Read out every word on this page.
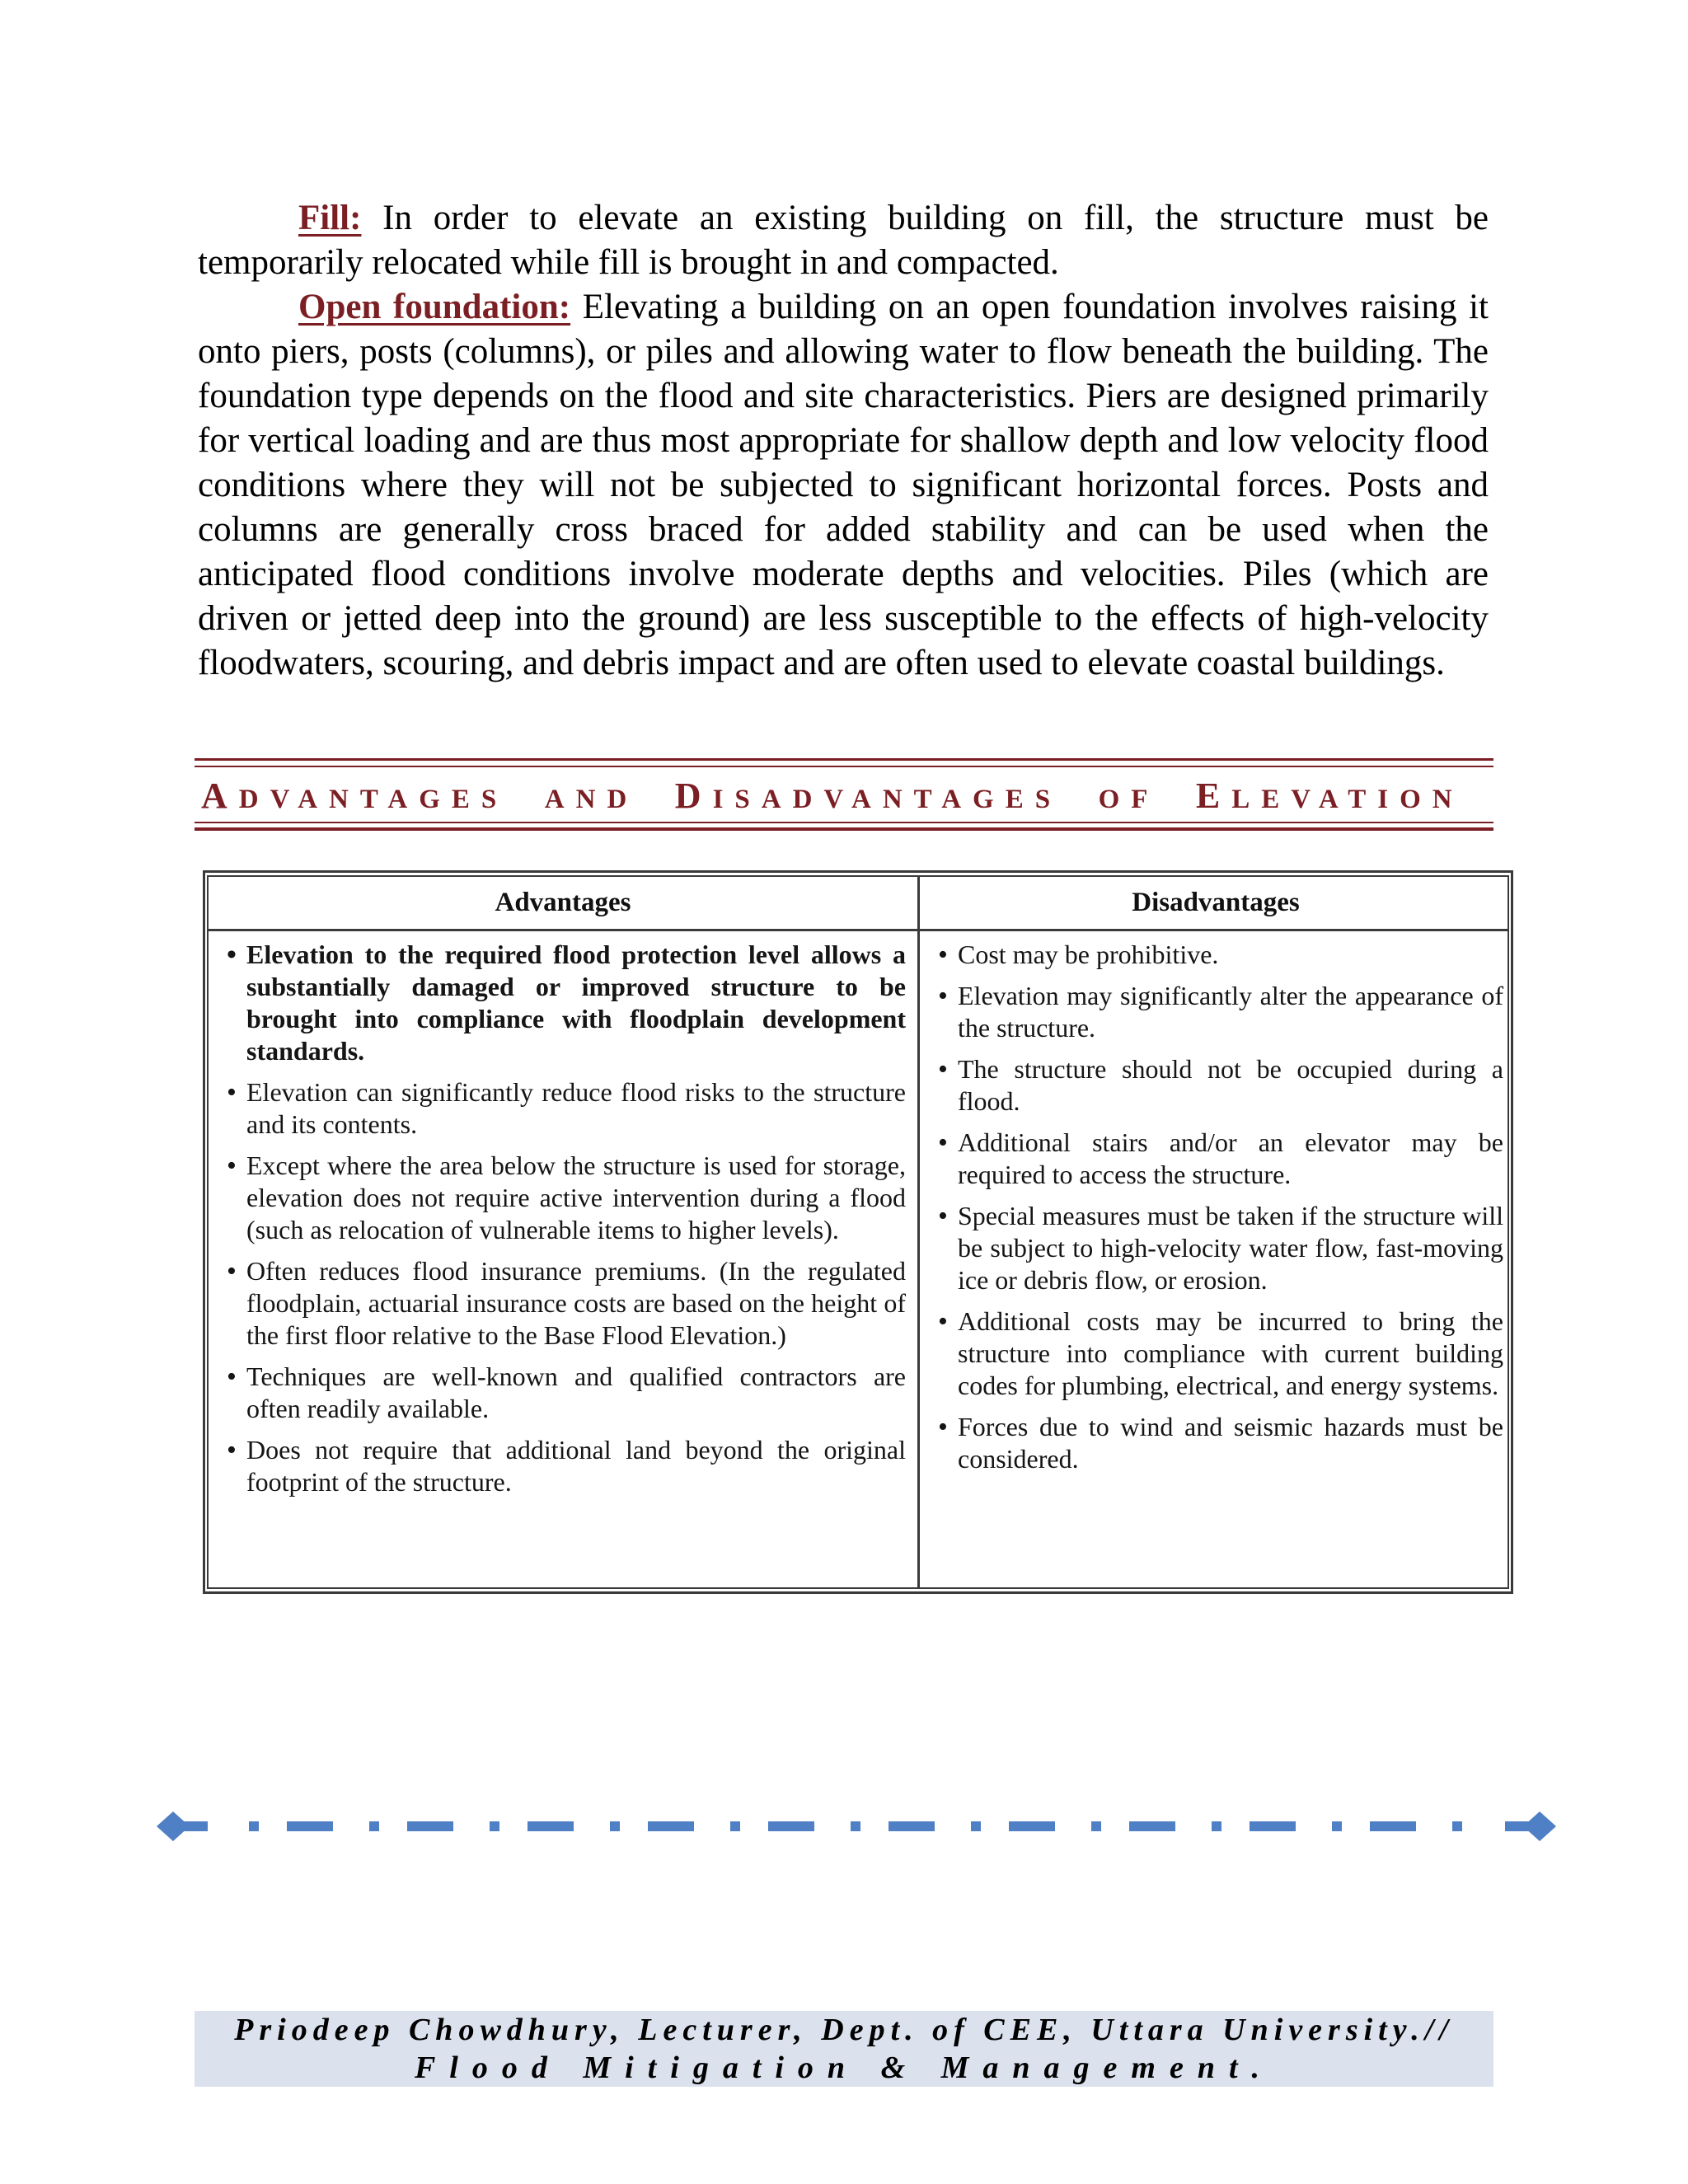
Fill: In order to elevate an existing building on fill, the structure must be temporarily relocated while fill is brought in and compacted.

Open foundation: Elevating a building on an open foundation involves raising it onto piers, posts (columns), or piles and allowing water to flow beneath the building. The foundation type depends on the flood and site characteristics. Piers are designed primarily for vertical loading and are thus most appropriate for shallow depth and low velocity flood conditions where they will not be subjected to significant horizontal forces. Posts and columns are generally cross braced for added stability and can be used when the anticipated flood conditions involve moderate depths and velocities. Piles (which are driven or jetted deep into the ground) are less susceptible to the effects of high-velocity floodwaters, scouring, and debris impact and are often used to elevate coastal buildings.

ADVANTAGES AND DISADVANTAGES OF ELEVATION
Advantages	Disadvantages
• Elevation to the required flood protection level allows a substantially damaged or improved structure to be brought into compliance with floodplain development standards.
• Elevation can significantly reduce flood risks to the structure and its contents.
• Except where the area below the structure is used for storage, elevation does not require active intervention during a flood (such as relocation of vulnerable items to higher levels).
• Often reduces flood insurance premiums. (In the regulated floodplain, actuarial insurance costs are based on the height of the first floor relative to the Base Flood Elevation.)
• Techniques are well-known and qualified contractors are often readily available.
• Does not require that additional land beyond the original footprint of the structure.
• Cost may be prohibitive.
• Elevation may significantly alter the appearance of the structure.
• The structure should not be occupied during a flood.
• Additional stairs and/or an elevator may be required to access the structure.
• Special measures must be taken if the structure will be subject to high-velocity water flow, fast-moving ice or debris flow, or erosion.
• Additional costs may be incurred to bring the structure into compliance with current building codes for plumbing, electrical, and energy systems.
• Forces due to wind and seismic hazards must be considered.
Priodeep Chowdhury, Lecturer, Dept. of CEE, Uttara University.//
Flood Mitigation & Management.
